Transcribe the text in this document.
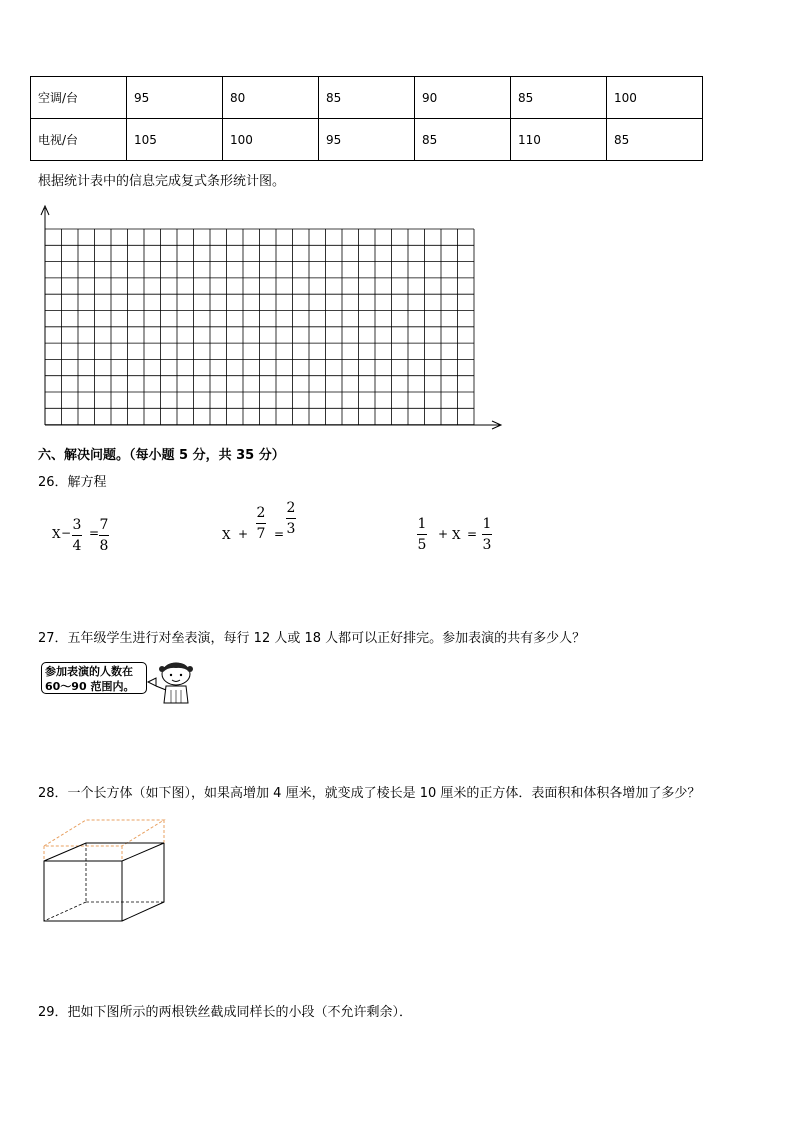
空调/台	95	80	85	90	85	100
电视/台	105	100	95	85	110	85
根据统计表中的信息完成复式条形统计图。
六、解决问题。（每小题 5 分，共 35 分）
26．解方程
X − 3
4
= 7
8
X +
2
7 =
2
3	1
5
+ X =
1
3
27．五年级学生进行对垒表演，每行 12 人或 18 人都可以正好排完。参加表演的共有多少人？
参加表演的人数在
60～90 范围内。
28．一个长方体（如下图），如果高增加 4 厘米，就变成了棱长是 10 厘米的正方体．表面积和体积各增加了多少？
29．把如下图所示的两根铁丝截成同样长的小段（不允许剩余）．
